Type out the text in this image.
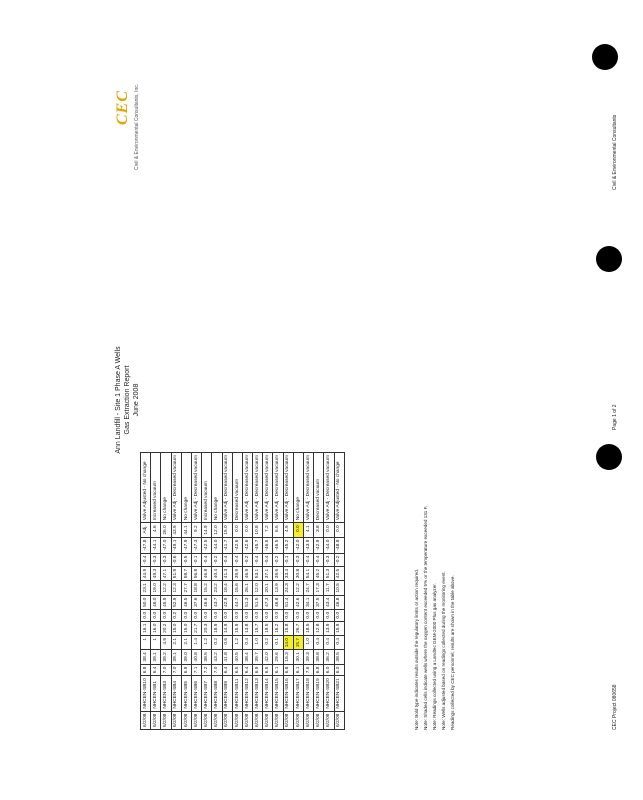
Ann Landfill - Site 1 Phase A Wells Gas Extraction Report June 2008
CEC Civil & Environmental Consultants, Inc.
6/2/08	NHCEN-SB10	6.8	38.4	1	16.1	0.0	50.0	23.1	44.9	-0.4	-47.8	Adj.	Valve Adjusted - No change
6/2/08	NHCEN-SB1	6.4	39.1	1	16.0	0.0	46.0	19.0	49.3	-0.3	-44.1	4.6	Increased vacuum
6/2/08	NHCEN-SB3	7.0	39.2	4.9	20.2	0.0	45.9	12.2	47.1	-0.3	-47.0	26.0	No change
6/2/08	NHCEN-SB4	7.0	39.1	2.1	15.0	0.2	52.9	12.3	51.9	-0.6	-49.1	43.9	Valve Adj - Decreased vacuum
6/2/08	NHCEN-SB5	6.9	39.0	2.1	15.0	0.0	46.5	27.7	58.7	-0.5	-47.9	44.1	No change
6/2/08	NHCEN-SB6	7.1	40.8	1.4	21.7	0.0	37.6	18.8	56.8	-0.1	-47.3	9.2	Valve Adj - Decreased vacuum
6/2/08	NHCEN-SB7	7.2	38.5	1.2	20.3	0.0	46.6	15.2	46.8	-0.4	-42.5	14.9	Increased vacuum
6/2/08	NHCEN-SB8	7.0	43.2	0.2	18.9	0.0	43.7	23.2	40.4	-0.2	-44.0	12.0	No change
6/2/08	NHCEN-SB9	6.4	41.8	0.6	14.9	0.0	42.9	16.4	41.3	-0.4	-41.7	15.0	Valve Adj - Decreased vacuum
6/2/08	NHCEN-SB11	6.5	40.5	1.2	15.9	0.0	44.7	15.6	39.9	-0.4	-42.6	0.0	Decreased vacuum
6/2/08	NHCEN-SB12	6.4	38.4	0.4	13.8	0.0	51.3	26.1	46.9	-0.2	-42.6	0.0	Valve Adj - Decreased vacuum
6/2/08	NHCEN-SB13	6.9	39.7	1.0	15.7	0.0	51.5	12.0	53.1	-0.4	-45.7	10.8	Valve Adj - Decreased vacuum
6/2/08	NHCEN-SB14	6.5	42.0	0.2	19.5	0.0	47.3	20.1	37.1	-0.4	-46.5	7.2	Valve Adj - Decreased vacuum
6/2/08	NHCEN-SB15	6.1	29.6	0.1	16.2	0.0	46.8	13.9	39.6	-0.2	-46.5	6.5	Valve Adj - Decreased vacuum
6/2/08	NHCEN-SB16	6.8	16.3	14.0	15.8	0.0	51.4	24.3	33.4	-0.1	-45.2	4.9	Valve Adj - Decreased vacuum
6/2/08	NHCEN-SB17	6.1	30.1	15.7	26.7	0.0	42.6	12.2	30.8	-0.3	-42.0	0.0	No change
6/2/08	NHCEN-SB18	7.6	39.3	1.0	18.5	0.0	34.1	24.7	54.1	-0.4	-43.9	4.1	Valve Adj - Decreased vacuum
6/2/08	NHCEN-SB19	6.8	38.8	0.4	12.8	0.0	37.5	17.3	45.2	-0.4	-42.9	3.8	Decreased vacuum
6/2/08	NHCEN-SB20	6.0	36.2	0.4	13.9	0.0	43.4	11.7	51.3	-0.3	-44.0	0.0	Valve Adj - Decreased vacuum
6/2/08	NHCEN-SB21	6.0	38.5	0.4	15.9	0.0	46.8	10.5	42.5	-0.2	-48.8	0.0	Valve Adjusted - No change
Note: Bold type indicates results outside the regulatory limits or action required. Note: Shaded cells indicate wells where the oxygen content exceeded 5% or the temperature exceeded 131 F. Note: Readings collected using a Landtec GEM-2000 Plus gas analyzer. Note: Wells adjusted based on readings collected during the monitoring event. Readings collected by CEC personnel; results are shown in the table above.	CEC Project 080658
Page 1 of 2
Civil & Environmental Consultants
